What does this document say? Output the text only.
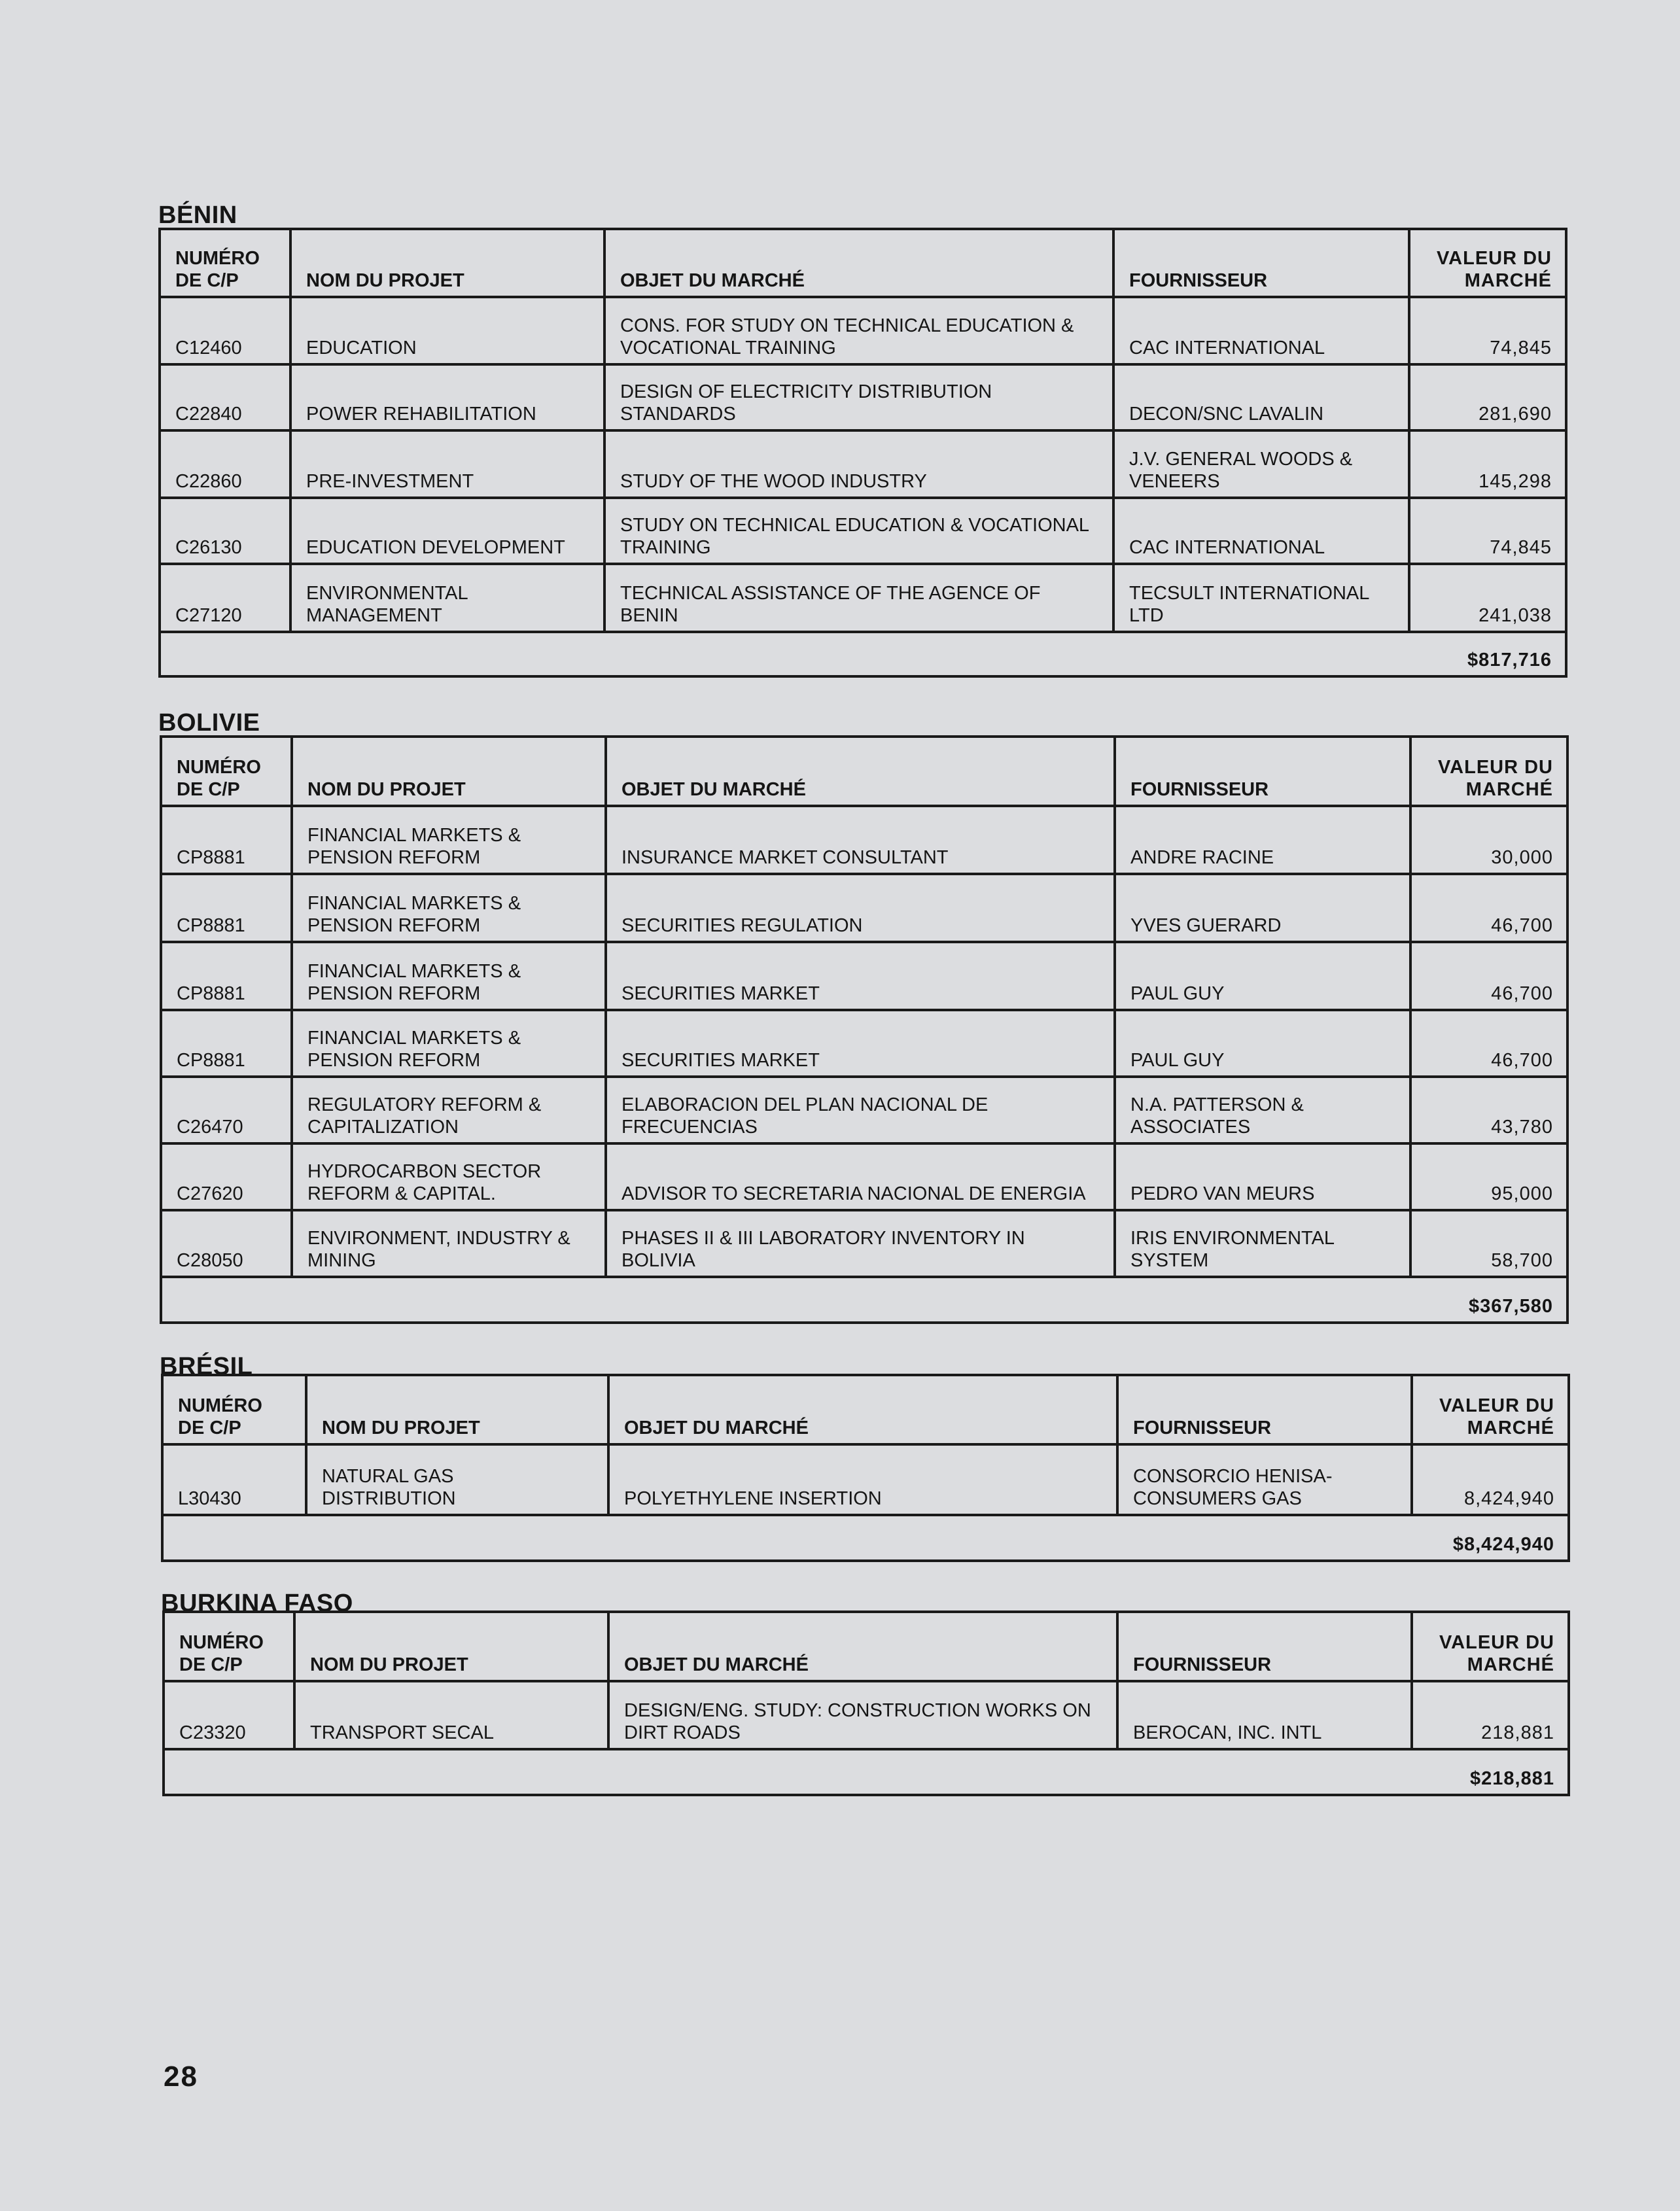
BÉNIN
NUMÉRO
DE C/P	NOM DU PROJET	OBJET DU MARCHÉ	FOURNISSEUR	VALEUR DU
MARCHÉ
C12460	EDUCATION	CONS. FOR STUDY ON TECHNICAL EDUCATION & VOCATIONAL TRAINING	CAC INTERNATIONAL	74,845
C22840	POWER REHABILITATION	DESIGN OF ELECTRICITY DISTRIBUTION STANDARDS	DECON/SNC LAVALIN	281,690
C22860	PRE-INVESTMENT	STUDY OF THE WOOD INDUSTRY	J.V. GENERAL WOODS & VENEERS	145,298
C26130	EDUCATION DEVELOPMENT	STUDY ON TECHNICAL EDUCATION & VOCATIONAL TRAINING	CAC INTERNATIONAL	74,845
C27120	ENVIRONMENTAL MANAGEMENT	TECHNICAL ASSISTANCE OF THE AGENCE OF BENIN	TECSULT INTERNATIONAL LTD	241,038
$817,716				
BOLIVIE
NUMÉRO
DE C/P	NOM DU PROJET	OBJET DU MARCHÉ	FOURNISSEUR	VALEUR DU
MARCHÉ
CP8881	FINANCIAL MARKETS & PENSION REFORM	INSURANCE MARKET CONSULTANT	ANDRE RACINE	30,000
CP8881	FINANCIAL MARKETS & PENSION REFORM	SECURITIES REGULATION	YVES GUERARD	46,700
CP8881	FINANCIAL MARKETS & PENSION REFORM	SECURITIES MARKET	PAUL GUY	46,700
CP8881	FINANCIAL MARKETS & PENSION REFORM	SECURITIES MARKET	PAUL GUY	46,700
C26470	REGULATORY REFORM & CAPITALIZATION	ELABORACION DEL PLAN NACIONAL DE FRECUENCIAS	N.A. PATTERSON & ASSOCIATES	43,780
C27620	HYDROCARBON SECTOR REFORM & CAPITAL.	ADVISOR TO SECRETARIA NACIONAL DE ENERGIA	PEDRO VAN MEURS	95,000
C28050	ENVIRONMENT, INDUSTRY & MINING	PHASES II & III LABORATORY INVENTORY IN BOLIVIA	IRIS ENVIRONMENTAL SYSTEM	58,700
$367,580				
BRÉSIL
NUMÉRO
DE C/P	NOM DU PROJET	OBJET DU MARCHÉ	FOURNISSEUR	VALEUR DU
MARCHÉ
L30430	NATURAL GAS DISTRIBUTION	POLYETHYLENE INSERTION	CONSORCIO HENISA-CONSUMERS GAS	8,424,940
$8,424,940				
BURKINA FASO
NUMÉRO
DE C/P	NOM DU PROJET	OBJET DU MARCHÉ	FOURNISSEUR	VALEUR DU
MARCHÉ
C23320	TRANSPORT SECAL	DESIGN/ENG. STUDY: CONSTRUCTION WORKS ON DIRT ROADS	BEROCAN, INC. INTL	218,881
$218,881				
28
